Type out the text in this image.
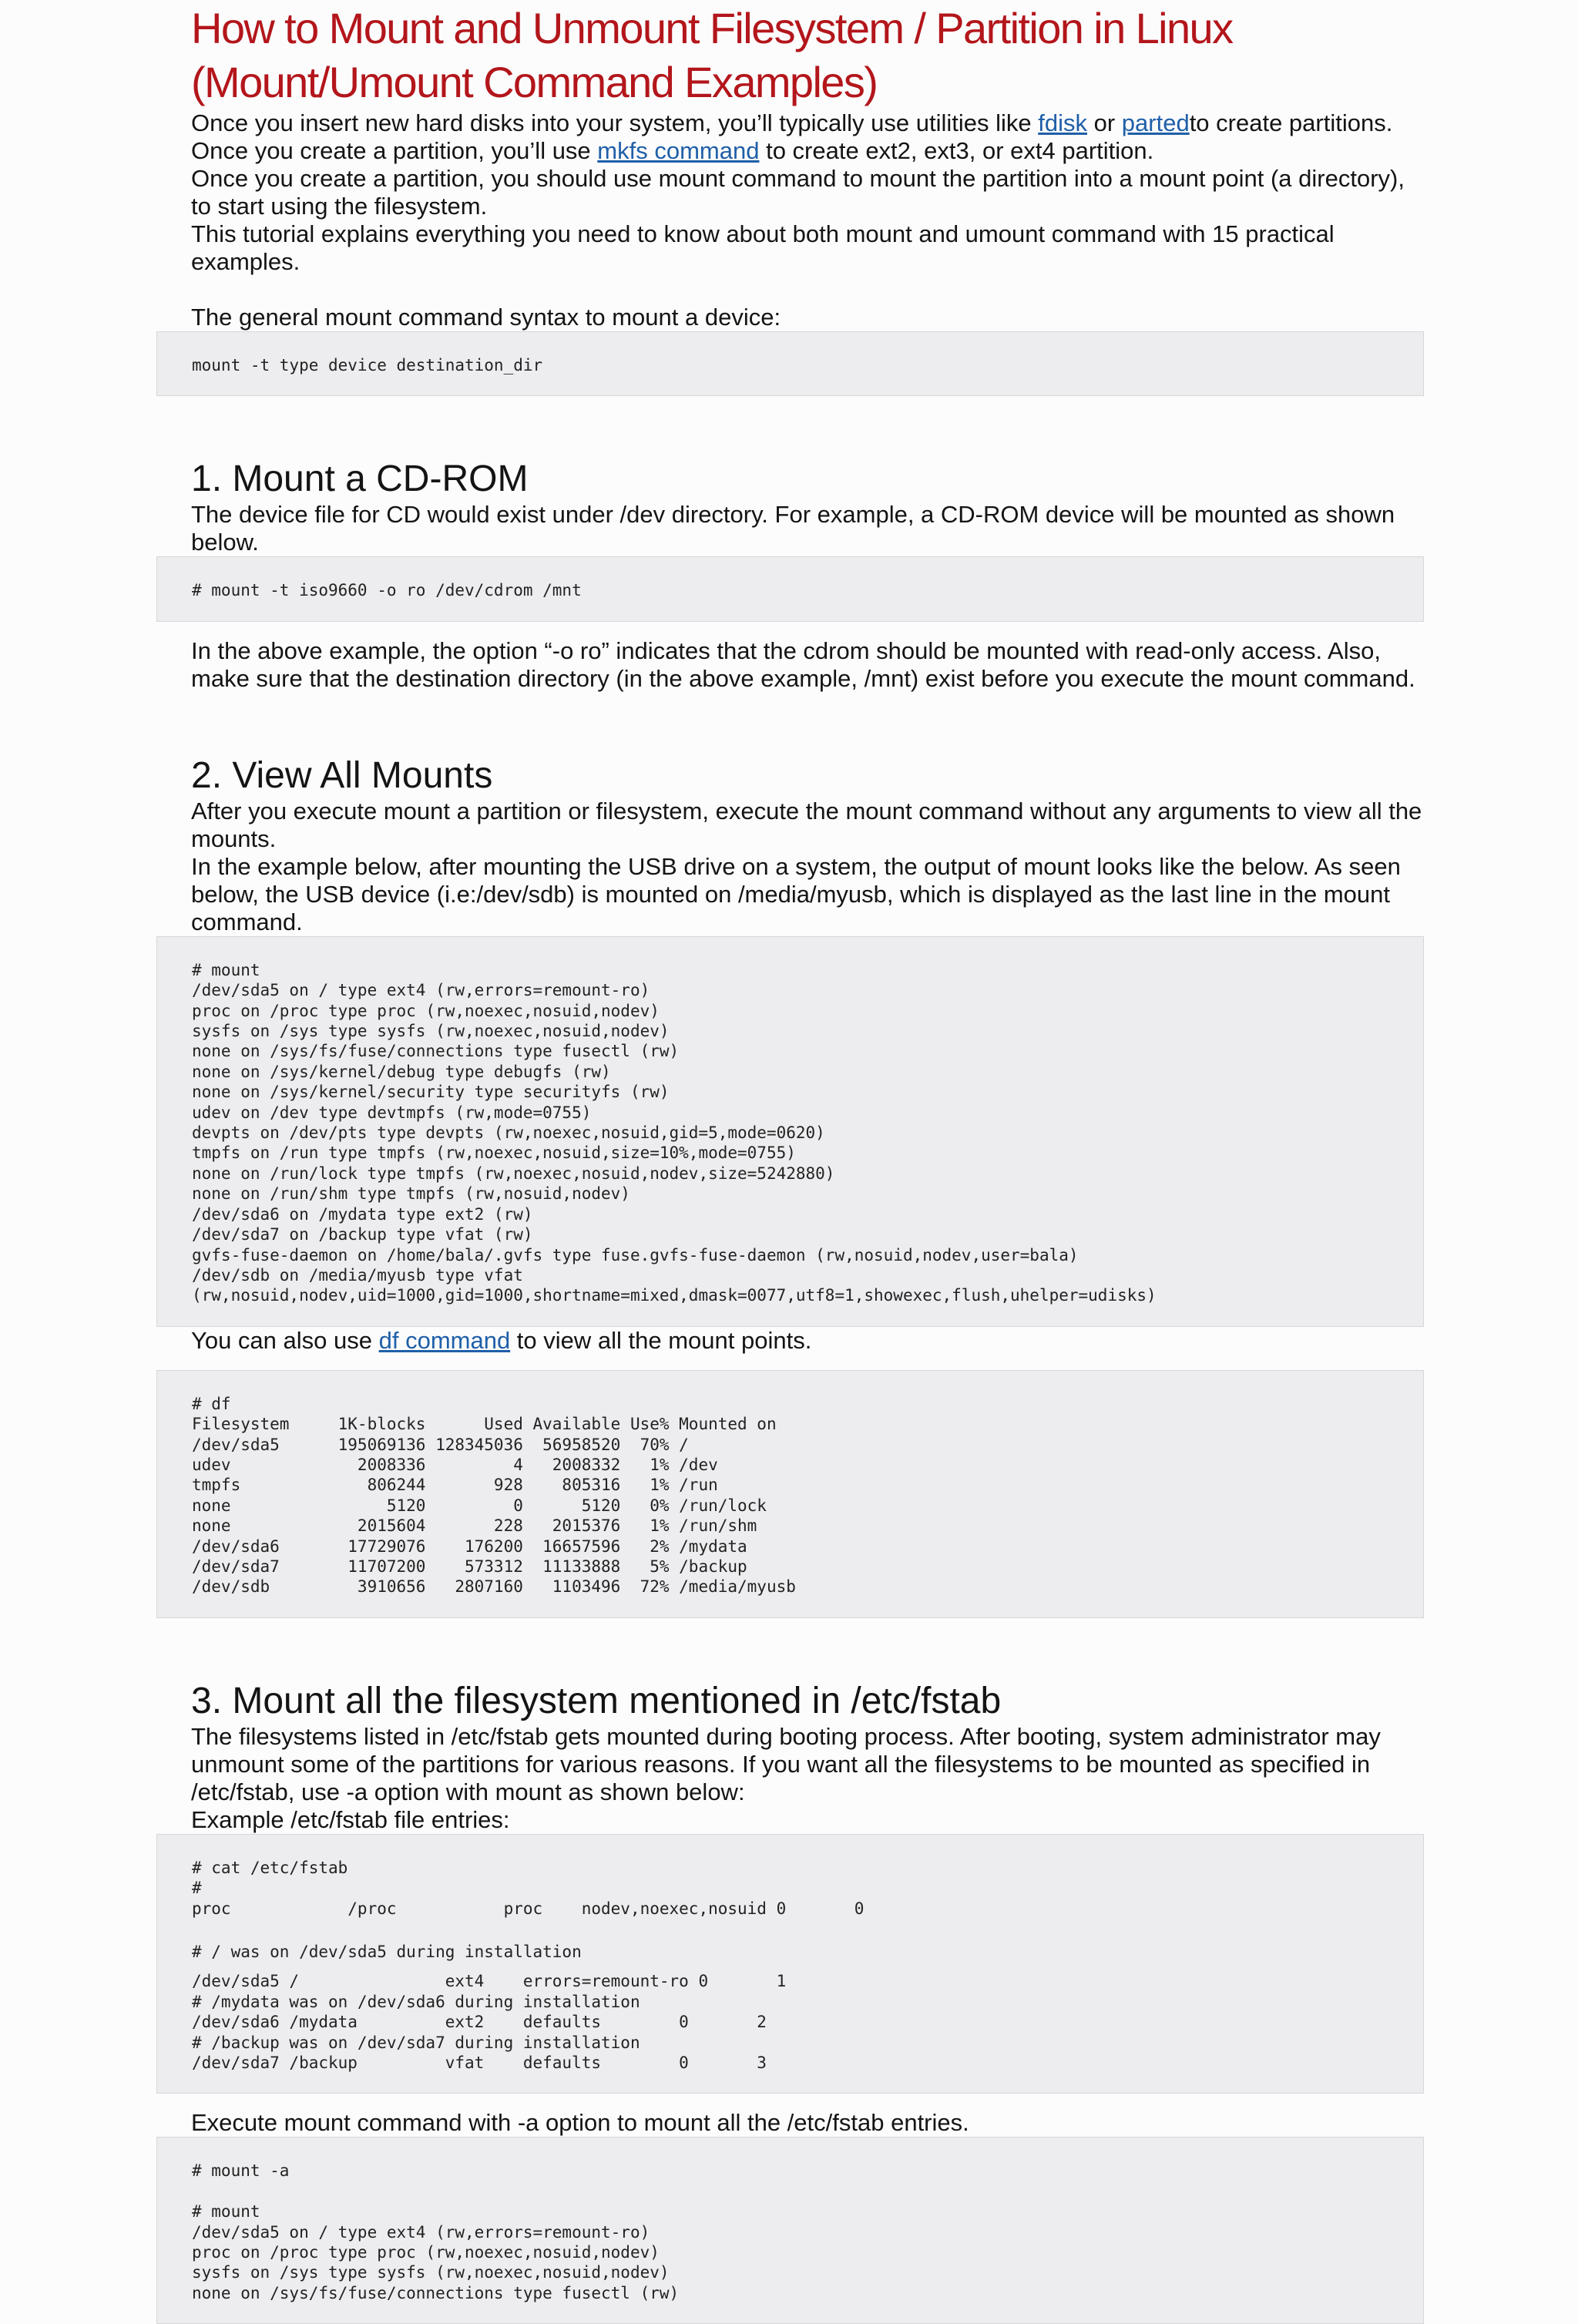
How to Mount and Unmount Filesystem / Partition in Linux (Mount/Umount Command Examples)

Once you insert new hard disks into your system, you’ll typically use utilities like fdisk or partedto create partitions. Once you create a partition, you’ll use mkfs command to create ext2, ext3, or ext4 partition.

Once you create a partition, you should use mount command to mount the partition into a mount point (a directory), to start using the filesystem.

This tutorial explains everything you need to know about both mount and umount command with 15 practical examples.

The general mount command syntax to mount a device:

mount -t type device destination_dir
1. Mount a CD-ROM

The device file for CD would exist under /dev directory. For example, a CD-ROM device will be mounted as shown below.

# mount -t iso9660 -o ro /dev/cdrom /mnt

In the above example, the option “-o ro” indicates that the cdrom should be mounted with read-only access. Also, make sure that the destination directory (in the above example, /mnt) exist before you execute the mount command.

2. View All Mounts

After you execute mount a partition or filesystem, execute the mount command without any arguments to view all the mounts.

In the example below, after mounting the USB drive on a system, the output of mount looks like the below. As seen below, the USB device (i.e:/dev/sdb) is mounted on /media/myusb, which is displayed as the last line in the mount command.

# mount
/dev/sda5 on / type ext4 (rw,errors=remount-ro)
proc on /proc type proc (rw,noexec,nosuid,nodev)
sysfs on /sys type sysfs (rw,noexec,nosuid,nodev)
none on /sys/fs/fuse/connections type fusectl (rw)
none on /sys/kernel/debug type debugfs (rw)
none on /sys/kernel/security type securityfs (rw)
udev on /dev type devtmpfs (rw,mode=0755)
devpts on /dev/pts type devpts (rw,noexec,nosuid,gid=5,mode=0620)
tmpfs on /run type tmpfs (rw,noexec,nosuid,size=10%,mode=0755)
none on /run/lock type tmpfs (rw,noexec,nosuid,nodev,size=5242880)
none on /run/shm type tmpfs (rw,nosuid,nodev)
/dev/sda6 on /mydata type ext2 (rw)
/dev/sda7 on /backup type vfat (rw)
gvfs-fuse-daemon on /home/bala/.gvfs type fuse.gvfs-fuse-daemon (rw,nosuid,nodev,user=bala)
/dev/sdb on /media/myusb type vfat
(rw,nosuid,nodev,uid=1000,gid=1000,shortname=mixed,dmask=0077,utf8=1,showexec,flush,uhelper=udisks)

You can also use df command to view all the mount points.

# df
Filesystem     1K-blocks      Used Available Use% Mounted on
/dev/sda5      195069136 128345036  56958520  70% /
udev             2008336         4   2008332   1% /dev
tmpfs             806244       928    805316   1% /run
none                5120         0      5120   0% /run/lock
none             2015604       228   2015376   1% /run/shm
/dev/sda6       17729076    176200  16657596   2% /mydata
/dev/sda7       11707200    573312  11133888   5% /backup
/dev/sdb         3910656   2807160   1103496  72% /media/myusb
3. Mount all the filesystem mentioned in /etc/fstab

The filesystems listed in /etc/fstab gets mounted during booting process. After booting, system administrator may unmount some of the partitions for various reasons. If you want all the filesystems to be mounted as specified in /etc/fstab, use -a option with mount as shown below:

Example /etc/fstab file entries:

# cat /etc/fstab
#
proc            /proc           proc    nodev,noexec,nosuid 0       0
# / was on /dev/sda5 during installation
/dev/sda5 /               ext4    errors=remount-ro 0       1
# /mydata was on /dev/sda6 during installation
/dev/sda6 /mydata         ext2    defaults        0       2
# /backup was on /dev/sda7 during installation
/dev/sda7 /backup         vfat    defaults        0       3

Execute mount command with -a option to mount all the /etc/fstab entries.

# mount -a

# mount
/dev/sda5 on / type ext4 (rw,errors=remount-ro)
proc on /proc type proc (rw,noexec,nosuid,nodev)
sysfs on /sys type sysfs (rw,noexec,nosuid,nodev)
none on /sys/fs/fuse/connections type fusectl (rw)
